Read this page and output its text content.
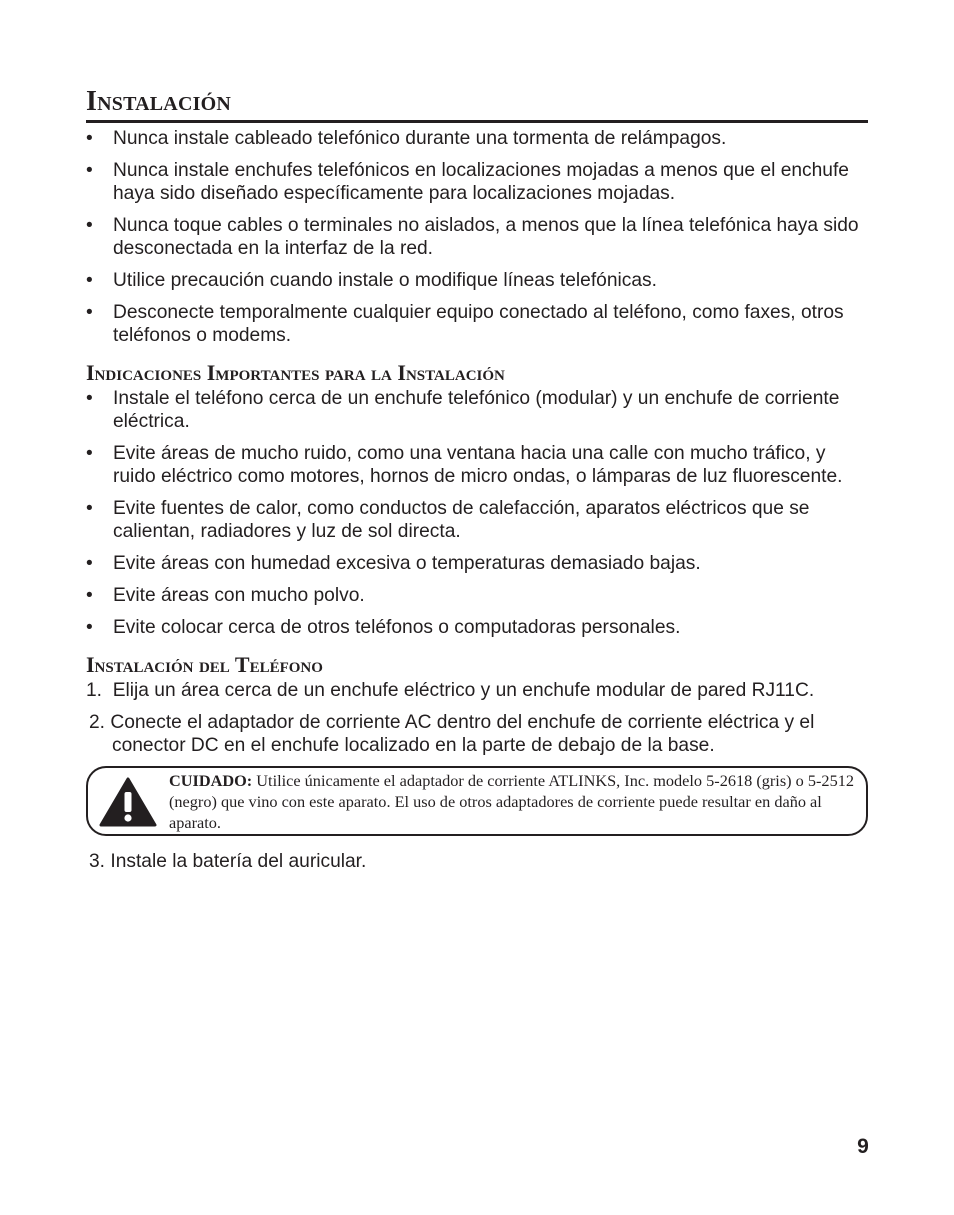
Instalación
• Nunca instale cableado telefónico durante una tormenta de relámpagos.
• Nunca instale enchufes telefónicos en localizaciones mojadas a menos que el enchufe haya sido diseñado específicamente para localizaciones mojadas.
• Nunca toque cables o terminales no aislados, a menos que la línea telefónica haya sido desconectada en la interfaz de la red.
• Utilice precaución cuando instale o modifique líneas telefónicas.
• Desconecte temporalmente cualquier equipo conectado al teléfono, como faxes, otros teléfonos o modems.
Indicaciones Importantes para la Instalación
• Instale el teléfono cerca de un enchufe telefónico (modular) y un enchufe de corriente eléctrica.
• Evite áreas de mucho ruido, como una ventana hacia una calle con mucho tráfico, y ruido eléctrico como motores, hornos de micro ondas, o lámparas de luz fluorescente.
• Evite fuentes de calor, como conductos de calefacción, aparatos eléctricos que se calientan, radiadores y luz de sol directa.
• Evite áreas con humedad excesiva o temperaturas demasiado bajas.
• Evite áreas con mucho polvo.
• Evite colocar cerca de otros teléfonos o computadoras personales.
Instalación del Teléfono
1. Elija un área cerca de un enchufe eléctrico y un enchufe modular de pared RJ11C.
2. Conecte el adaptador de corriente AC dentro del enchufe de corriente eléctrica y el conector DC en el enchufe localizado en la parte de debajo de la base.
CUIDADO: Utilice únicamente el adaptador de corriente ATLINKS, Inc. modelo 5-2618 (gris) o 5-2512 (negro) que vino con este aparato. El uso de otros adaptadores de corriente puede resultar en daño al aparato.
3. Instale la batería del auricular.
9
